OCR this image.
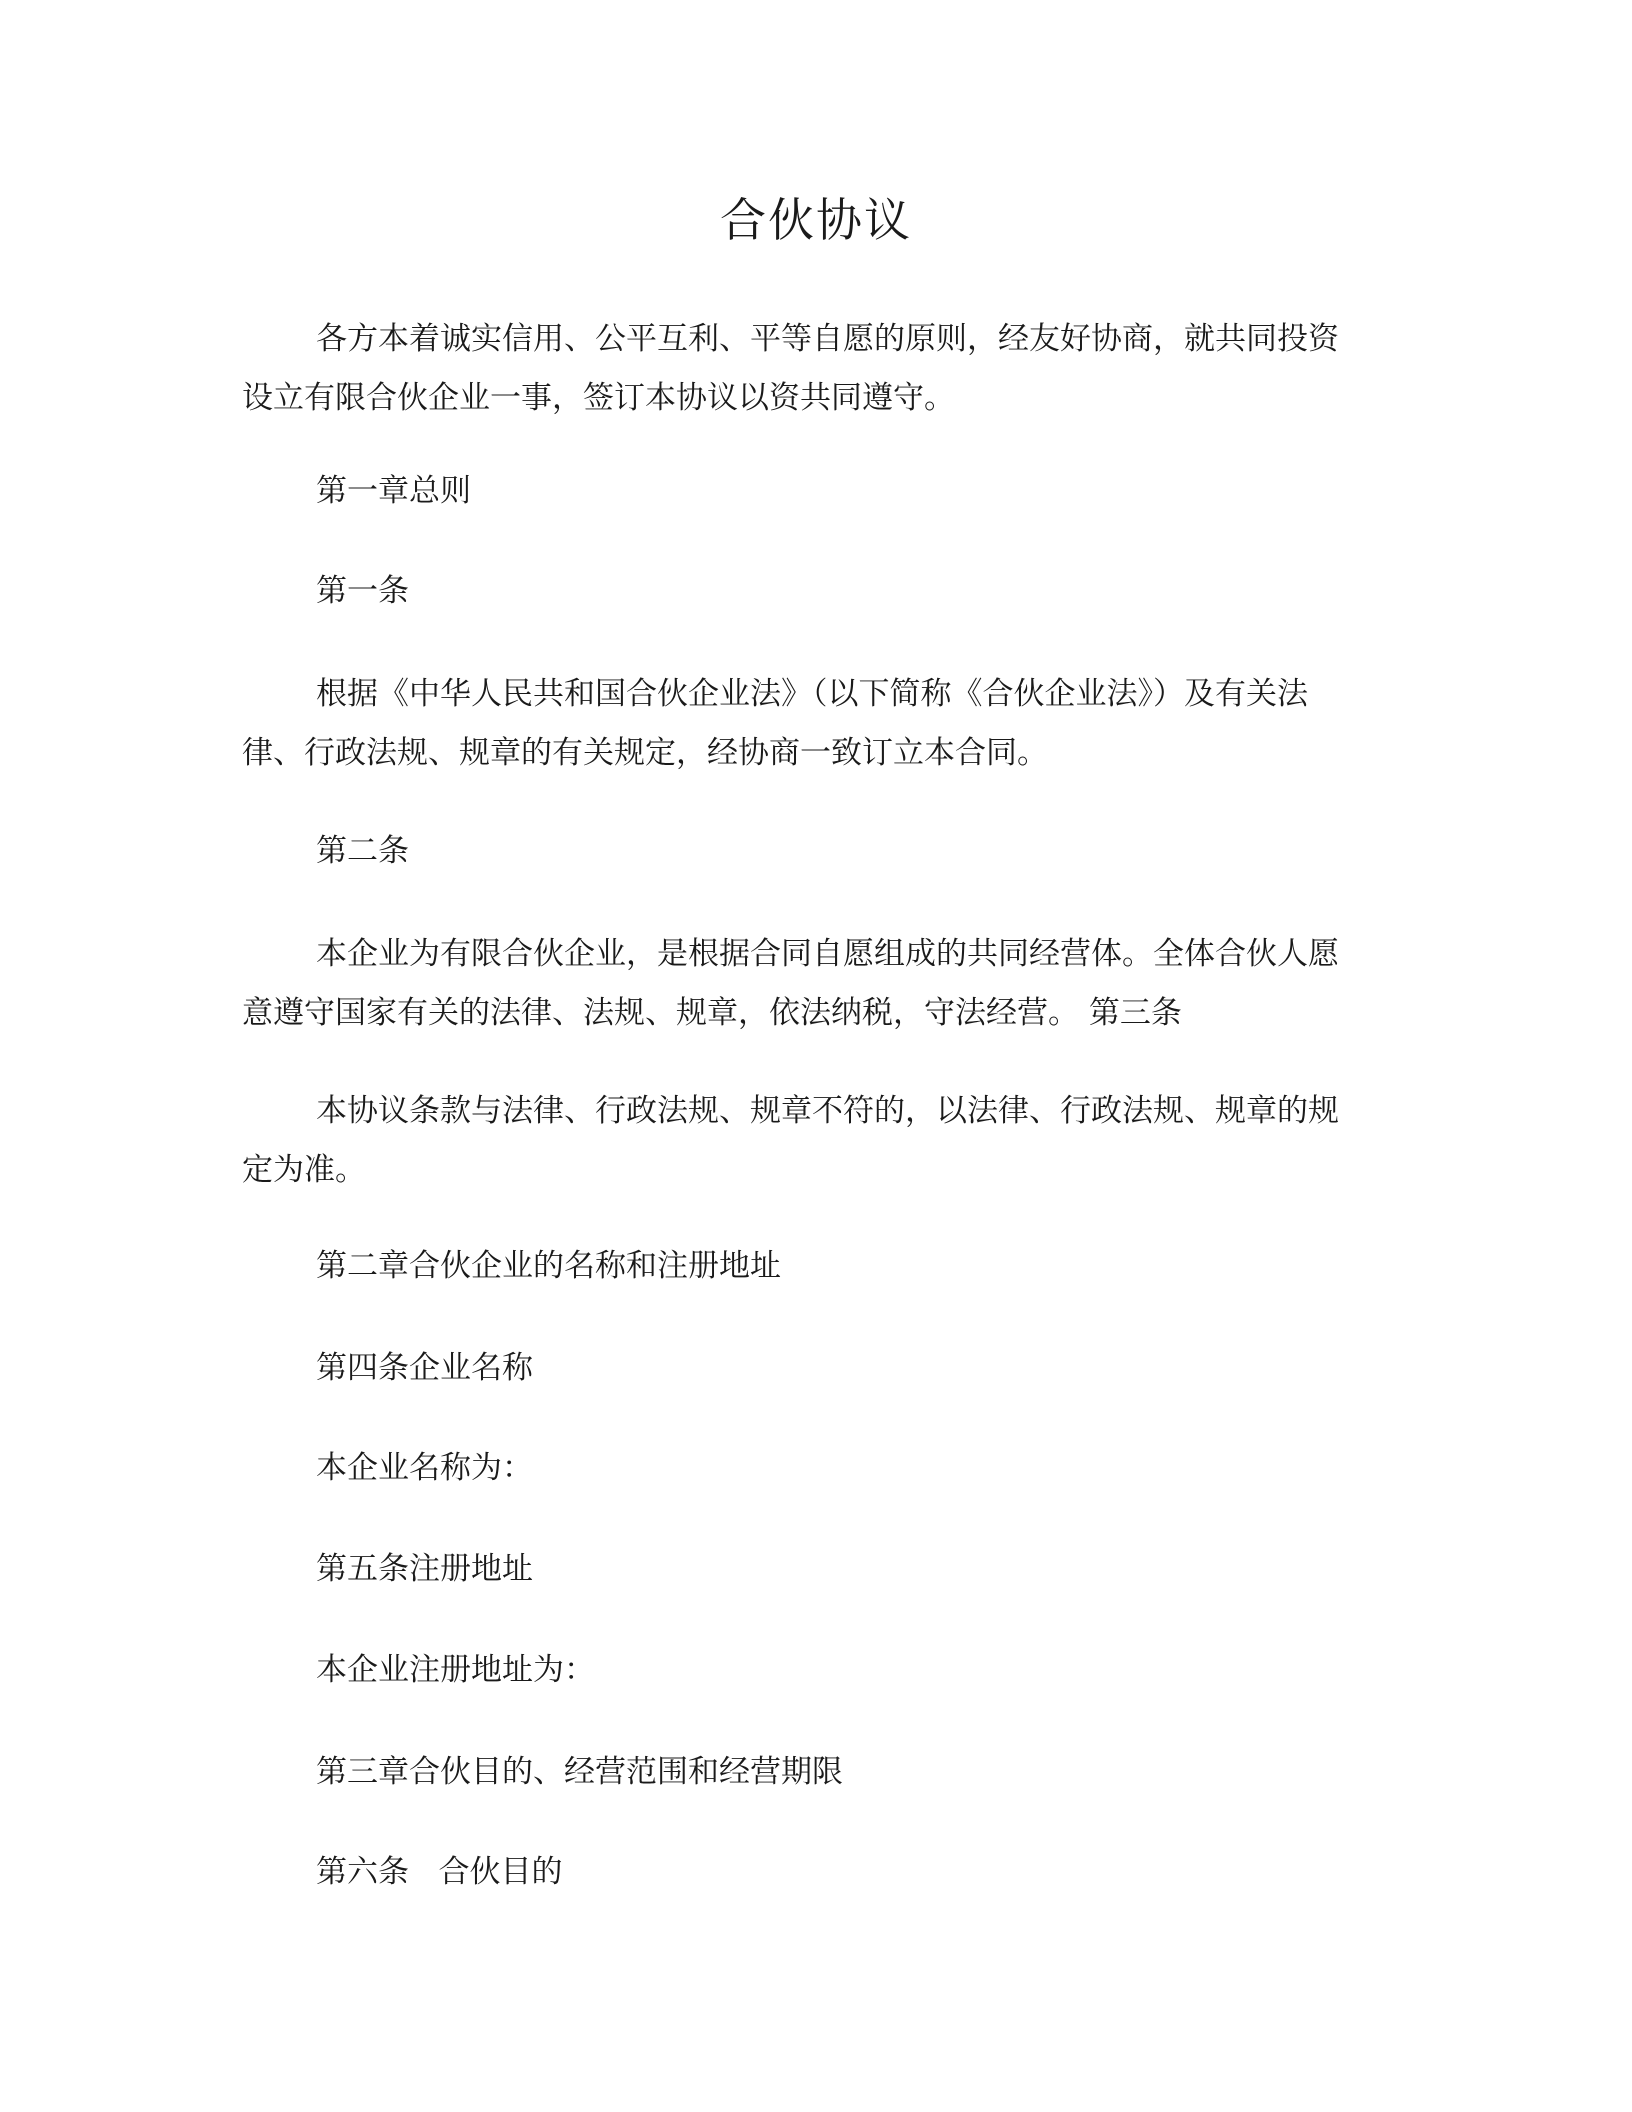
合伙协议

各方本着诚实信用、公平互利、平等自愿的原则，经友好协商，就共同投资
设立有限合伙企业一事，签订本协议以资共同遵守。

第一章总则

第一条

根据《中华人民共和国合伙企业法》（以下简称《合伙企业法》）及有关法
律、行政法规、规章的有关规定，经协商一致订立本合同。

第二条

本企业为有限合伙企业，是根据合同自愿组成的共同经营体。全体合伙人愿
意遵守国家有关的法律、法规、规章，依法纳税，守法经营。 第三条

本协议条款与法律、行政法规、规章不符的，以法律、行政法规、规章的规
定为准。

第二章合伙企业的名称和注册地址

第四条企业名称

本企业名称为：

第五条注册地址

本企业注册地址为：

第三章合伙目的、经营范围和经营期限

第六条   合伙目的
